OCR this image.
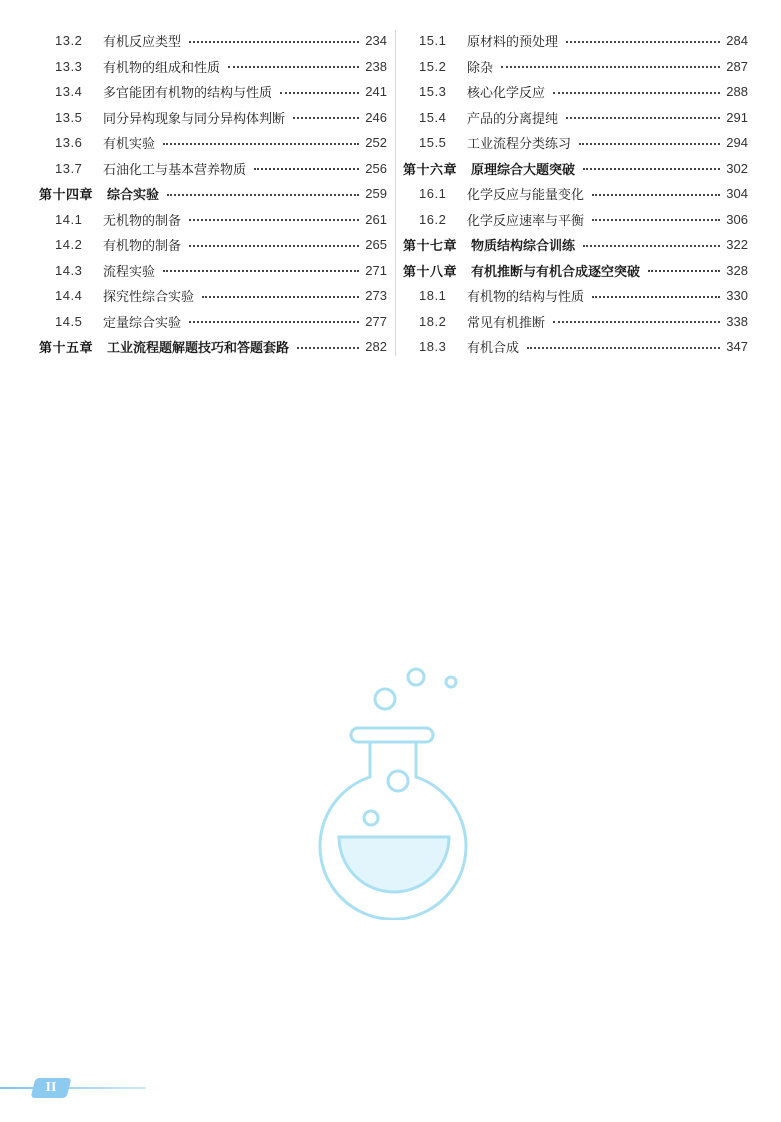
13.2	有机反应类型	234
13.3	有机物的组成和性质	238
13.4	多官能团有机物的结构与性质	241
13.5	同分异构现象与同分异构体判断	246
13.6	有机实验	252
13.7	石油化工与基本营养物质	256
第十四章 综合实验	259
14.1	无机物的制备	261
14.2	有机物的制备	265
14.3	流程实验	271
14.4	探究性综合实验	273
14.5	定量综合实验	277
第十五章 工业流程题解题技巧和答题套路	282
15.1	原材料的预处理	284
15.2	除杂	287
15.3	核心化学反应	288
15.4	产品的分离提纯	291
15.5	工业流程分类练习	294
第十六章 原理综合大题突破	302
16.1	化学反应与能量变化	304
16.2	化学反应速率与平衡	306
第十七章 物质结构综合训练	322
第十八章 有机推断与有机合成逐空突破	328
18.1	有机物的结构与性质	330
18.2	常见有机推断	338
18.3	有机合成	347
II
